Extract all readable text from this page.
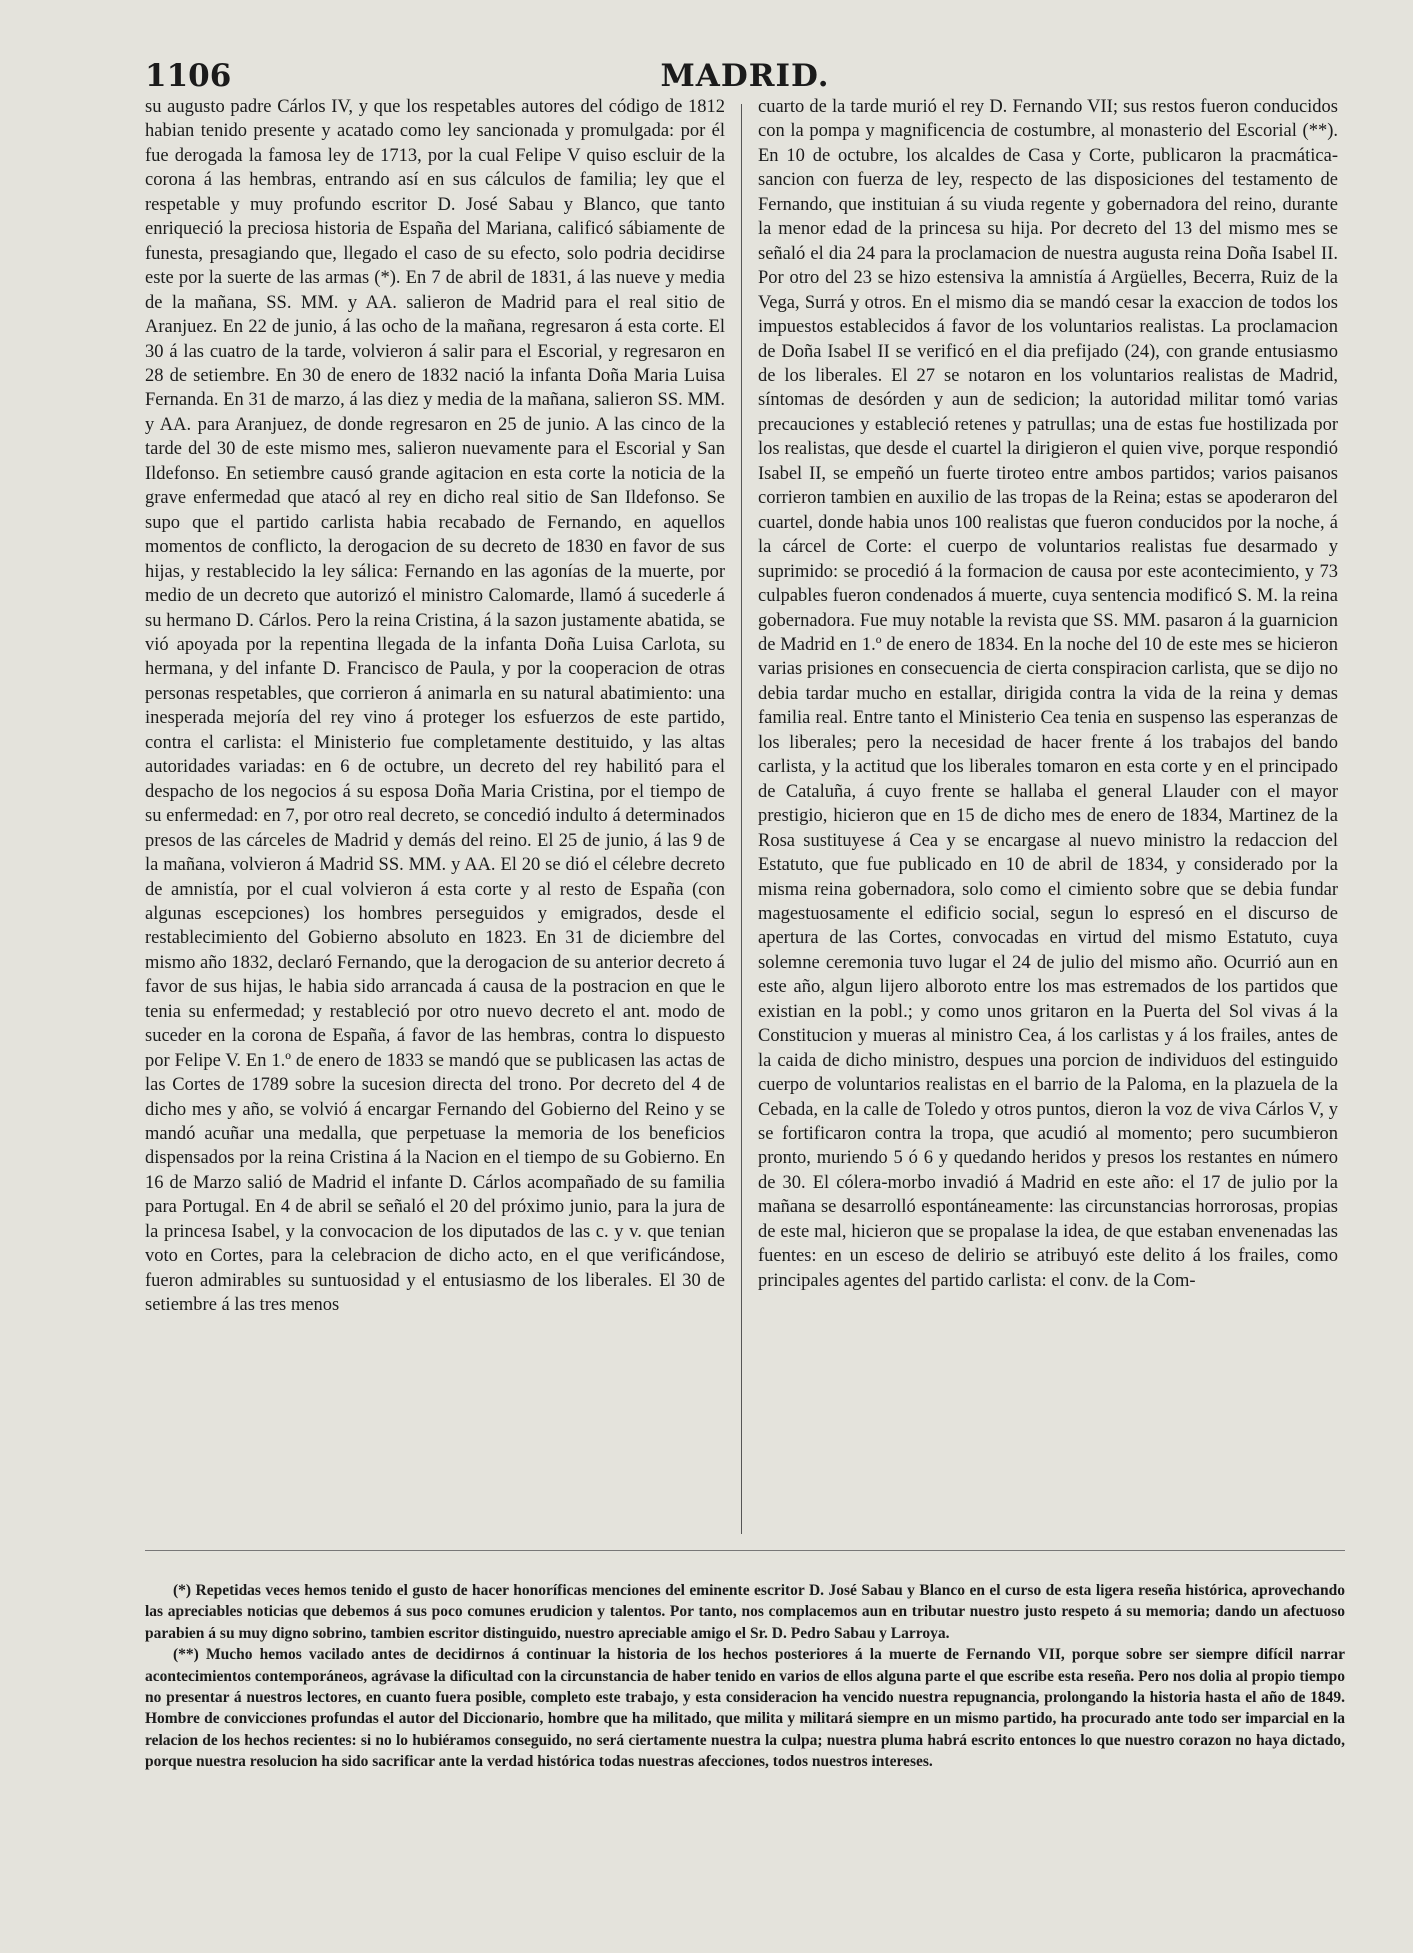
1106	MADRID.
su augusto padre Cárlos IV, y que los respetables autores del código de 1812 habian tenido presente y acatado como ley sancionada y promulgada: por él fue derogada la famosa ley de 1713, por la cual Felipe V quiso escluir de la corona á las hembras, entrando así en sus cálculos de familia; ley que el respetable y muy profundo escritor D. José Sabau y Blanco, que tanto enriqueció la preciosa historia de España del Mariana, calificó sábiamente de funesta, presagiando que, llegado el caso de su efecto, solo podria decidirse este por la suerte de las armas (*). En 7 de abril de 1831, á las nueve y media de la mañana, SS. MM. y AA. salieron de Madrid para el real sitio de Aranjuez. En 22 de junio, á las ocho de la mañana, regresaron á esta corte. El 30 á las cuatro de la tarde, volvieron á salir para el Escorial, y regresaron en 28 de setiembre. En 30 de enero de 1832 nació la infanta Doña Maria Luisa Fernanda. En 31 de marzo, á las diez y media de la mañana, salieron SS. MM. y AA. para Aranjuez, de donde regresaron en 25 de junio. A las cinco de la tarde del 30 de este mismo mes, salieron nuevamente para el Escorial y San Ildefonso. En setiembre causó grande agitacion en esta corte la noticia de la grave enfermedad que atacó al rey en dicho real sitio de San Ildefonso. Se supo que el partido carlista habia recabado de Fernando, en aquellos momentos de conflicto, la derogacion de su decreto de 1830 en favor de sus hijas, y restablecido la ley sálica: Fernando en las agonías de la muerte, por medio de un decreto que autorizó el ministro Calomarde, llamó á sucederle á su hermano D. Cárlos. Pero la reina Cristina, á la sazon justamente abatida, se vió apoyada por la repentina llegada de la infanta Doña Luisa Carlota, su hermana, y del infante D. Francisco de Paula, y por la cooperacion de otras personas respetables, que corrieron á animarla en su natural abatimiento: una inesperada mejoría del rey vino á proteger los esfuerzos de este partido, contra el carlista: el Ministerio fue completamente destituido, y las altas autoridades variadas: en 6 de octubre, un decreto del rey habilitó para el despacho de los negocios á su esposa Doña Maria Cristina, por el tiempo de su enfermedad: en 7, por otro real decreto, se concedió indulto á determinados presos de las cárceles de Madrid y demás del reino. El 25 de junio, á las 9 de la mañana, volvieron á Madrid SS. MM. y AA. El 20 se dió el célebre decreto de amnistía, por el cual volvieron á esta corte y al resto de España (con algunas escepciones) los hombres perseguidos y emigrados, desde el restablecimiento del Gobierno absoluto en 1823. En 31 de diciembre del mismo año 1832, declaró Fernando, que la derogacion de su anterior decreto á favor de sus hijas, le habia sido arrancada á causa de la postracion en que le tenia su enfermedad; y restableció por otro nuevo decreto el ant. modo de suceder en la corona de España, á favor de las hembras, contra lo dispuesto por Felipe V. En 1.º de enero de 1833 se mandó que se publicasen las actas de las Cortes de 1789 sobre la sucesion directa del trono. Por decreto del 4 de dicho mes y año, se volvió á encargar Fernando del Gobierno del Reino y se mandó acuñar una medalla, que perpetuase la memoria de los beneficios dispensados por la reina Cristina á la Nacion en el tiempo de su Gobierno. En 16 de Marzo salió de Madrid el infante D. Cárlos acompañado de su familia para Portugal. En 4 de abril se señaló el 20 del próximo junio, para la jura de la princesa Isabel, y la convocacion de los diputados de las c. y v. que tenian voto en Cortes, para la celebracion de dicho acto, en el que verificándose, fueron admirables su suntuosidad y el entusiasmo de los liberales. El 30 de setiembre á las tres menos
cuarto de la tarde murió el rey D. Fernando VII; sus restos fueron conducidos con la pompa y magnificencia de costumbre, al monasterio del Escorial (**). En 10 de octubre, los alcaldes de Casa y Corte, publicaron la pracmática-sancion con fuerza de ley, respecto de las disposiciones del testamento de Fernando, que instituian á su viuda regente y gobernadora del reino, durante la menor edad de la princesa su hija. Por decreto del 13 del mismo mes se señaló el dia 24 para la proclamacion de nuestra augusta reina Doña Isabel II. Por otro del 23 se hizo estensiva la amnistía á Argüelles, Becerra, Ruiz de la Vega, Surrá y otros. En el mismo dia se mandó cesar la exaccion de todos los impuestos establecidos á favor de los voluntarios realistas. La proclamacion de Doña Isabel II se verificó en el dia prefijado (24), con grande entusiasmo de los liberales. El 27 se notaron en los voluntarios realistas de Madrid, síntomas de desórden y aun de sedicion; la autoridad militar tomó varias precauciones y estableció retenes y patrullas; una de estas fue hostilizada por los realistas, que desde el cuartel la dirigieron el quien vive, porque respondió Isabel II, se empeñó un fuerte tiroteo entre ambos partidos; varios paisanos corrieron tambien en auxilio de las tropas de la Reina; estas se apoderaron del cuartel, donde habia unos 100 realistas que fueron conducidos por la noche, á la cárcel de Corte: el cuerpo de voluntarios realistas fue desarmado y suprimido: se procedió á la formacion de causa por este acontecimiento, y 73 culpables fueron condenados á muerte, cuya sentencia modificó S. M. la reina gobernadora. Fue muy notable la revista que SS. MM. pasaron á la guarnicion de Madrid en 1.º de enero de 1834. En la noche del 10 de este mes se hicieron varias prisiones en consecuencia de cierta conspiracion carlista, que se dijo no debia tardar mucho en estallar, dirigida contra la vida de la reina y demas familia real. Entre tanto el Ministerio Cea tenia en suspenso las esperanzas de los liberales; pero la necesidad de hacer frente á los trabajos del bando carlista, y la actitud que los liberales tomaron en esta corte y en el principado de Cataluña, á cuyo frente se hallaba el general Llauder con el mayor prestigio, hicieron que en 15 de dicho mes de enero de 1834, Martinez de la Rosa sustituyese á Cea y se encargase al nuevo ministro la redaccion del Estatuto, que fue publicado en 10 de abril de 1834, y considerado por la misma reina gobernadora, solo como el cimiento sobre que se debia fundar magestuosamente el edificio social, segun lo espresó en el discurso de apertura de las Cortes, convocadas en virtud del mismo Estatuto, cuya solemne ceremonia tuvo lugar el 24 de julio del mismo año. Ocurrió aun en este año, algun lijero alboroto entre los mas estremados de los partidos que existian en la pobl.; y como unos gritaron en la Puerta del Sol vivas á la Constitucion y mueras al ministro Cea, á los carlistas y á los frailes, antes de la caida de dicho ministro, despues una porcion de individuos del estinguido cuerpo de voluntarios realistas en el barrio de la Paloma, en la plazuela de la Cebada, en la calle de Toledo y otros puntos, dieron la voz de viva Cárlos V, y se fortificaron contra la tropa, que acudió al momento; pero sucumbieron pronto, muriendo 5 ó 6 y quedando heridos y presos los restantes en número de 30. El cólera-morbo invadió á Madrid en este año: el 17 de julio por la mañana se desarrolló espontáneamente: las circunstancias horrorosas, propias de este mal, hicieron que se propalase la idea, de que estaban envenenadas las fuentes: en un esceso de delirio se atribuyó este delito á los frailes, como principales agentes del partido carlista: el conv. de la Com-

(*) Repetidas veces hemos tenido el gusto de hacer honoríficas menciones del eminente escritor D. José Sabau y Blanco en el curso de esta ligera reseña histórica, aprovechando las apreciables noticias que debemos á sus poco comunes erudicion y talentos. Por tanto, nos complacemos aun en tributar nuestro justo respeto á su memoria; dando un afectuoso parabien á su muy digno sobrino, tambien escritor distinguido, nuestro apreciable amigo el Sr. D. Pedro Sabau y Larroya.

(**) Mucho hemos vacilado antes de decidirnos á continuar la historia de los hechos posteriores á la muerte de Fernando VII, porque sobre ser siempre difícil narrar acontecimientos contemporáneos, agrávase la dificultad con la circunstancia de haber tenido en varios de ellos alguna parte el que escribe esta reseña. Pero nos dolia al propio tiempo no presentar á nuestros lectores, en cuanto fuera posible, completo este trabajo, y esta consideracion ha vencido nuestra repugnancia, prolongando la historia hasta el año de 1849. Hombre de convicciones profundas el autor del Diccionario, hombre que ha militado, que milita y militará siempre en un mismo partido, ha procurado ante todo ser imparcial en la relacion de los hechos recientes: si no lo hubiéramos conseguido, no será ciertamente nuestra la culpa; nuestra pluma habrá escrito entonces lo que nuestro corazon no haya dictado, porque nuestra resolucion ha sido sacrificar ante la verdad histórica todas nuestras afecciones, todos nuestros intereses.
